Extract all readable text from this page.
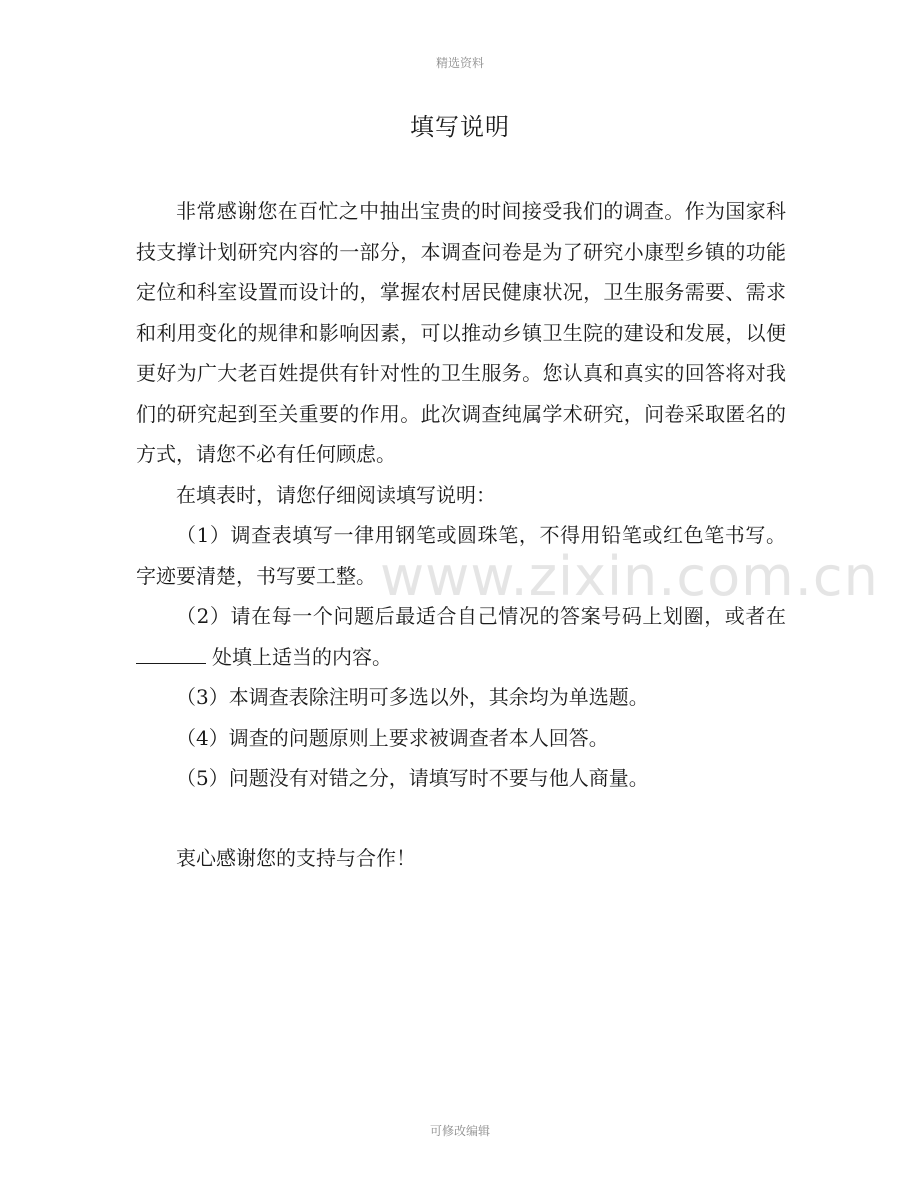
精选资料
填写说明

非常感谢您在百忙之中抽出宝贵的时间接受我们的调查。作为国家科技支撑计划研究内容的一部分，本调查问卷是为了研究小康型乡镇的功能定位和科室设置而设计的，掌握农村居民健康状况，卫生服务需要、需求和利用变化的规律和影响因素，可以推动乡镇卫生院的建设和发展，以便更好为广大老百姓提供有针对性的卫生服务。您认真和真实的回答将对我们的研究起到至关重要的作用。此次调查纯属学术研究，问卷采取匿名的方式，请您不必有任何顾虑。

在填表时，请您仔细阅读填写说明：

（1）调查表填写一律用钢笔或圆珠笔，不得用铅笔或红色笔书写。字迹要清楚，书写要工整。

（2）请在每一个问题后最适合自己情况的答案号码上划圈，或者在处填上适当的内容。

（3）本调查表除注明可多选以外，其余均为单选题。

（4）调查的问题原则上要求被调查者本人回答。

（5）问题没有对错之分，请填写时不要与他人商量。

衷心感谢您的支持与合作！
www.zixin.com.cn
可修改编辑
